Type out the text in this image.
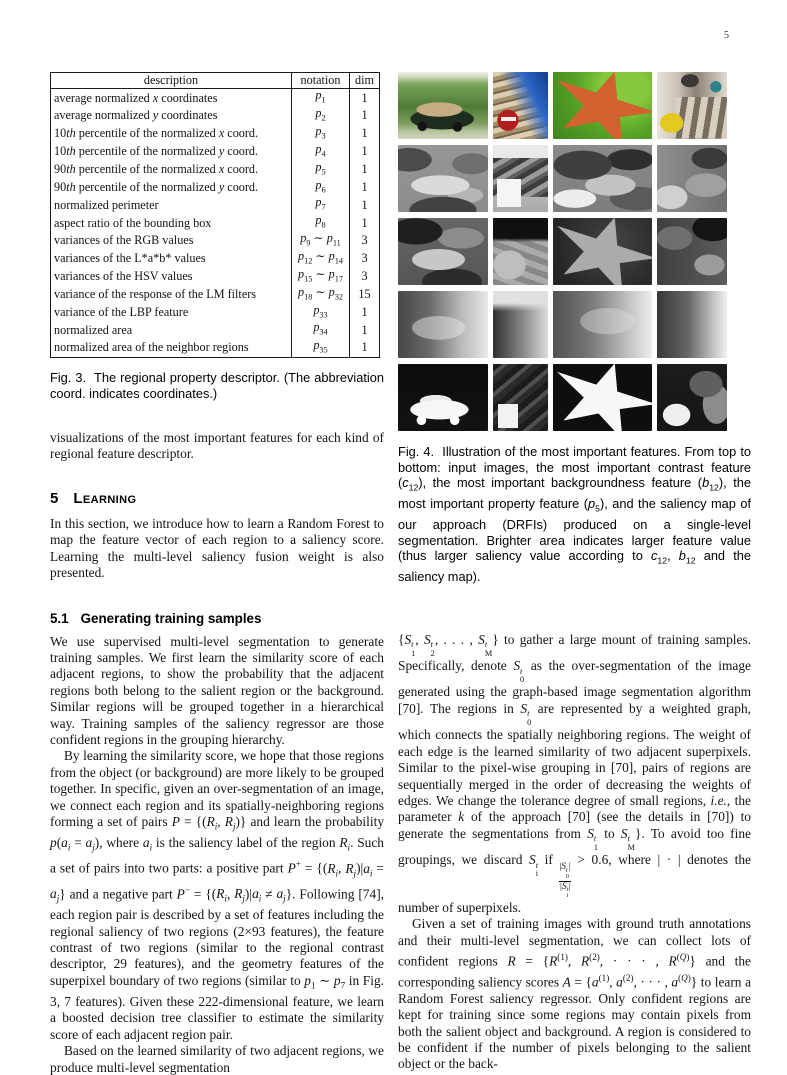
5
description	notation	dim
average normalized x coordinates	$p_1$	1
average normalized y coordinates	$p_2$	1
10th percentile of the normalized x coord.	$p_3$	1
10th percentile of the normalized y coord.	$p_4$	1
90th percentile of the normalized x coord.	$p_5$	1
90th percentile of the normalized y coord.	$p_6$	1
normalized perimeter	$p_7$	1
aspect ratio of the bounding box	$p_8$	1
variances of the RGB values	$p_9$ ∼ $p_{11}$	3
variances of the L*a*b* values	$p_{12}$ ∼ $p_{14}$	3
variances of the HSV values	$p_{15}$ ∼ $p_{17}$	3
variance of the response of the LM filters	$p_{18}$ ∼ $p_{32}$	15
variance of the LBP feature	$p_{33}$	1
normalized area	$p_{34}$	1
normalized area of the neighbor regions	$p_{35}$	1
Fig. 3.  The regional property descriptor. (The abbreviation coord. indicates coordinates.)

visualizations of the most important features for each kind of regional feature descriptor.

5 Learning

In this section, we introduce how to learn a Random Forest to map the feature vector of each region to a saliency score. Learning the multi-level saliency fusion weight is also presented.

5.1 Generating training samples

We use supervised multi-level segmentation to generate training samples. We first learn the similarity score of each adjacent regions, to show the probability that the adjacent regions both belong to the salient region or the background. Similar regions will be grouped together in a hierarchical way. Training samples of the saliency regressor are those confident regions in the grouping hierarchy.

By learning the similarity score, we hope that those regions from the object (or background) are more likely to be grouped together. In specific, given an over-segmentation of an image, we connect each region and its spatially-neighboring regions forming a set of pairs $P = \{(R_i$, $R_j$)} and learn the probability $p(a_i = a_j)$, where $a_i$ is the saliency label of the region $R_i$. Such a set of pairs into two parts: a positive part $P^+ = \{(R_i$, $R_j)|a_i = a_j$} and a negative part $P^- = \{(R_i$, $R_j)|a_i \ne a_j$}. Following [74], each region pair is described by a set of features including the regional saliency of two regions (2×93 features), the feature contrast of two regions (similar to the regional contrast descriptor, 29 features), and the geometry features of the superpixel boundary of two regions (similar to $p_1$ ∼ $p_7$ in Fig. 3, 7 features). Given these 222-dimensional feature, we learn a boosted decision tree classifier to estimate the similarity score of each adjacent region pair.

Based on the learned similarity of two adjacent regions, we produce multi-level segmentation

Fig. 4.  Illustration of the most important features. From top to bottom: input images, the most important contrast feature $(c_{12})$, the most important backgroundness feature $(b_{12})$, the most important property feature $(p_5)$, and the saliency map of our approach (DRFIs) produced on a single-level segmentation. Brighter area indicates larger feature value (thus larger saliency value according to $c_{12}$, $b_{12}$ and the saliency map).

{S t
1
, S t
2
, . . . , S t
M
} to gather a large mount of training samples. Specifically, denote S t
0
as the over-segmentation of the image generated using the graph-based image segmentation algorithm [70]. The regions in S t
0
are represented by a weighted graph, which connects the spatially neighboring regions. The weight of each edge is the learned similarity of two adjacent superpixels. Similar to the pixel-wise grouping in [70], pairs of regions are sequentially merged in the order of decreasing the weights of edges. We change the tolerance degree of small regions, i.e., the parameter k of the approach [70] (see the details in [70]) to generate the segmentations from S t
1
to S t
M
}. To avoid too fine groupings, we discard S t
i
if
|S t
0
|
|S t
i
|
> 0.6, where | · | denotes the number of superpixels.

Given a set of training images with ground truth annotations and their multi-level segmentation, we can collect lots of confident regions $R = \{R^{(1)}$, $R^{(2)}$, · · · , $R^{(Q)}$} and the corresponding saliency scores $A = \{a^{(1)}$, $a^{(2)}$, · · · , $a^{(Q)}$} to learn a Random Forest saliency regressor. Only confident regions are kept for training since some regions may contain pixels from both the salient object and background. A region is considered to be confident if the number of pixels belonging to the salient object or the back-
